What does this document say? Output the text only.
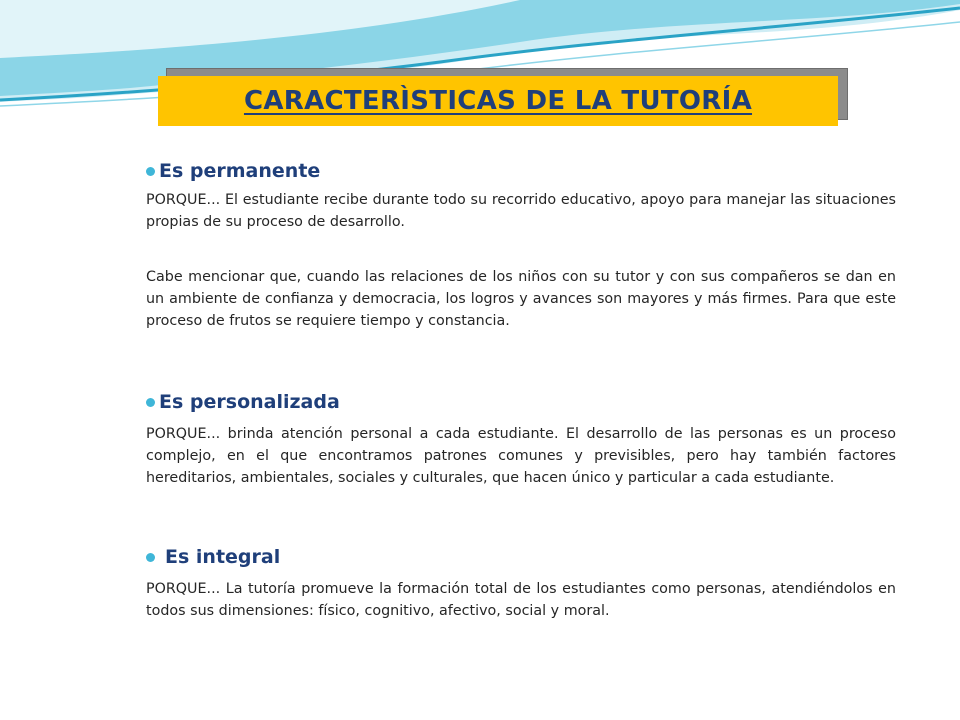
CARACTERÌSTICAS DE LA TUTORÍA
Es permanente
PORQUE... El estudiante recibe durante todo su recorrido educativo, apoyo para manejar las situaciones propias de su proceso de desarrollo.
Cabe mencionar que, cuando las relaciones de los niños con su tutor y con sus compañeros se dan en un ambiente de confianza y democracia, los logros y avances son mayores y más firmes. Para que este proceso de frutos se requiere tiempo y constancia.
Es personalizada
PORQUE... brinda atención personal a cada estudiante. El desarrollo de las personas es un proceso complejo, en el que encontramos patrones comunes y previsibles, pero hay también factores hereditarios, ambientales, sociales y culturales, que hacen único y particular a cada estudiante.
Es integral
PORQUE... La tutoría promueve la formación total de los estudiantes como personas, atendiéndolos en todos sus dimensiones: físico, cognitivo, afectivo, social y moral.
